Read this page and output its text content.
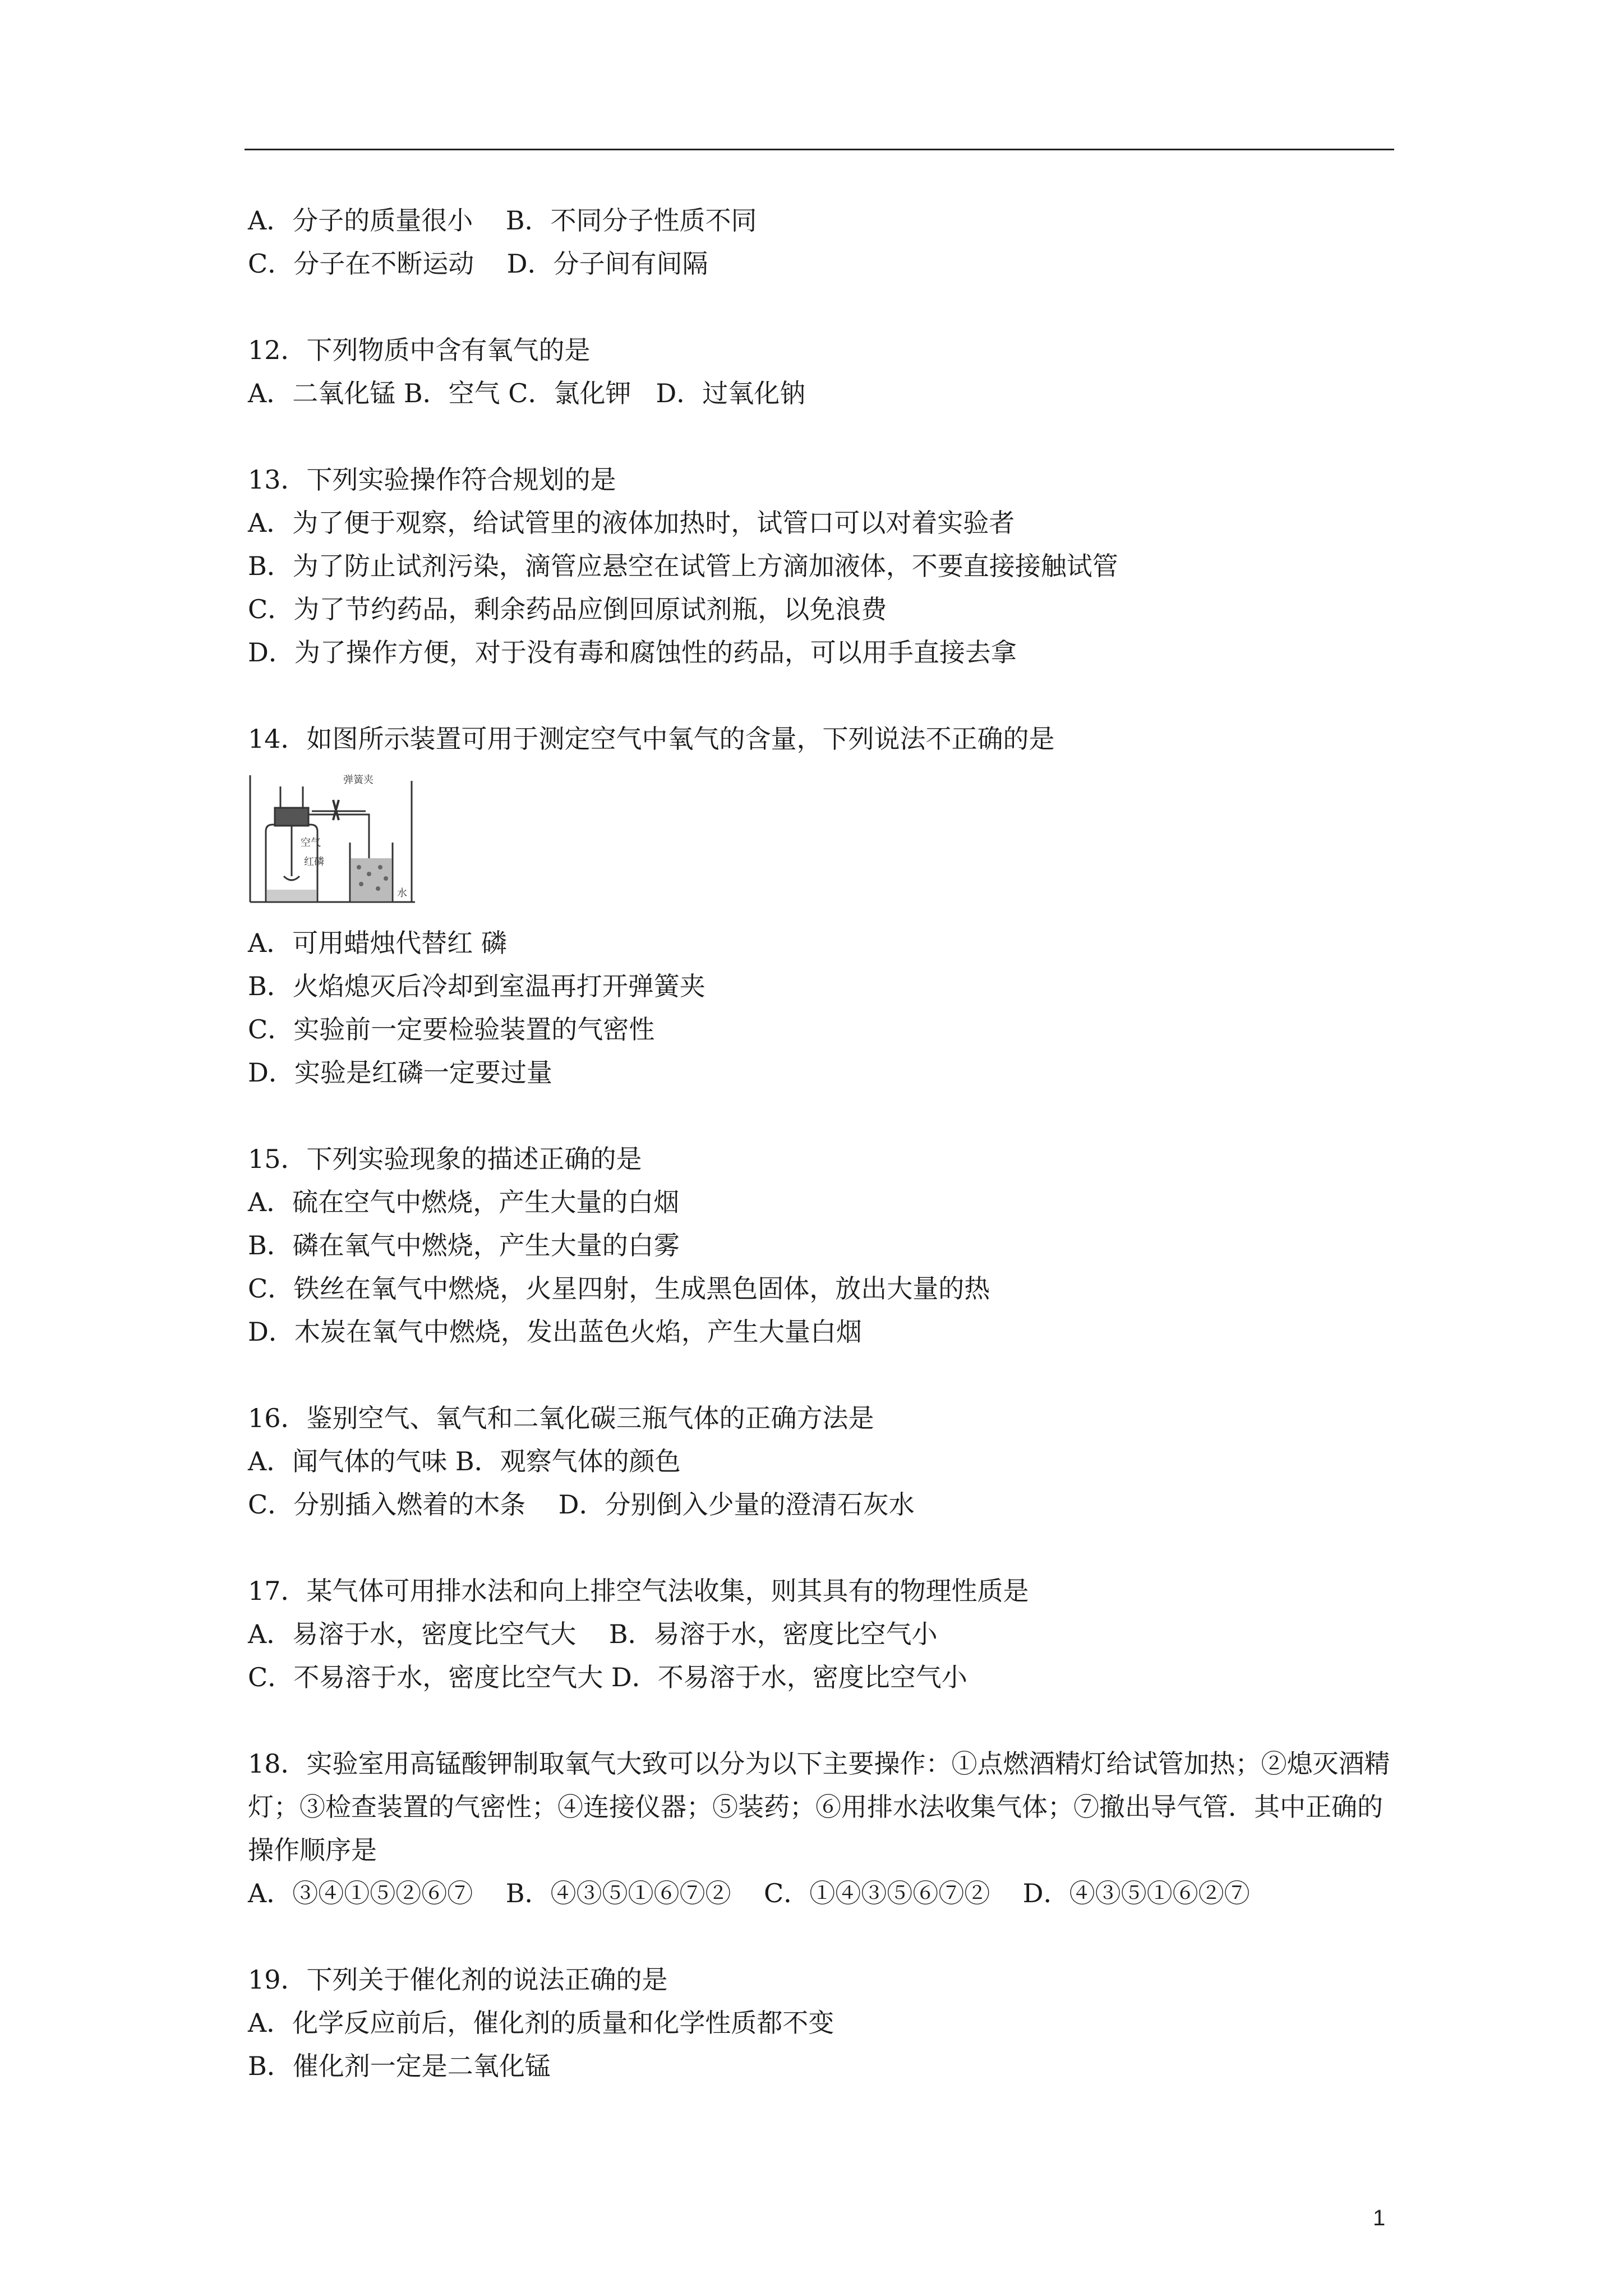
A．分子的质量很小    B．不同分子性质不同
C．分子在不断运动    D．分子间有间隔
12．下列物质中含有氧气的是
A．二氧化锰 B．空气 C．氯化钾   D．过氧化钠
13．下列实验操作符合规划的是
A．为了便于观察，给试管里的液体加热时，试管口可以对着实验者
B．为了防止试剂污染，滴管应悬空在试管上方滴加液体，不要直接接触试管
C．为了节约药品，剩余药品应倒回原试剂瓶，以免浪费
D．为了操作方便，对于没有毒和腐蚀性的药品，可以用手直接去拿
14．如图所示装置可用于测定空气中氧气的含量，下列说法不正确的是
弹簧夹
空气
红磷
水
A．可用蜡烛代替红 磷
B．火焰熄灭后冷却到室温再打开弹簧夹
C．实验前一定要检验装置的气密性
D．实验是红磷一定要过量
15．下列实验现象的描述正确的是
A．硫在空气中燃烧，产生大量的白烟
B．磷在氧气中燃烧，产生大量的白雾
C．铁丝在氧气中燃烧，火星四射，生成黑色固体，放出大量的热
D．木炭在氧气中燃烧，发出蓝色火焰，产生大量白烟
16．鉴别空气、氧气和二氧化碳三瓶气体的正确方法是
A．闻气体的气味 B．观察气体的颜色
C．分别插入燃着的木条    D．分别倒入少量的澄清石灰水
17．某气体可用排水法和向上排空气法收集，则其具有的物理性质是
A．易溶于水，密度比空气大    B．易溶于水，密度比空气小
C．不易溶于水，密度比空气大 D．不易溶于水，密度比空气小
18．实验室用高锰酸钾制取氧气大致可以分为以下主要操作：①点燃酒精灯给试管加热；②熄灭酒精灯；③检查装置的气密性；④连接仪器；⑤装药；⑥用排水法收集气体；⑦撤出导气管．其中正确的操作顺序是
A．③④①⑤②⑥⑦    B．④③⑤①⑥⑦②    C．①④③⑤⑥⑦②    D．④③⑤①⑥②⑦
19．下列关于催化剂的说法正确的是
A．化学反应前后，催化剂的质量和化学性质都不变
B．催化剂一定是二氧化锰
1
